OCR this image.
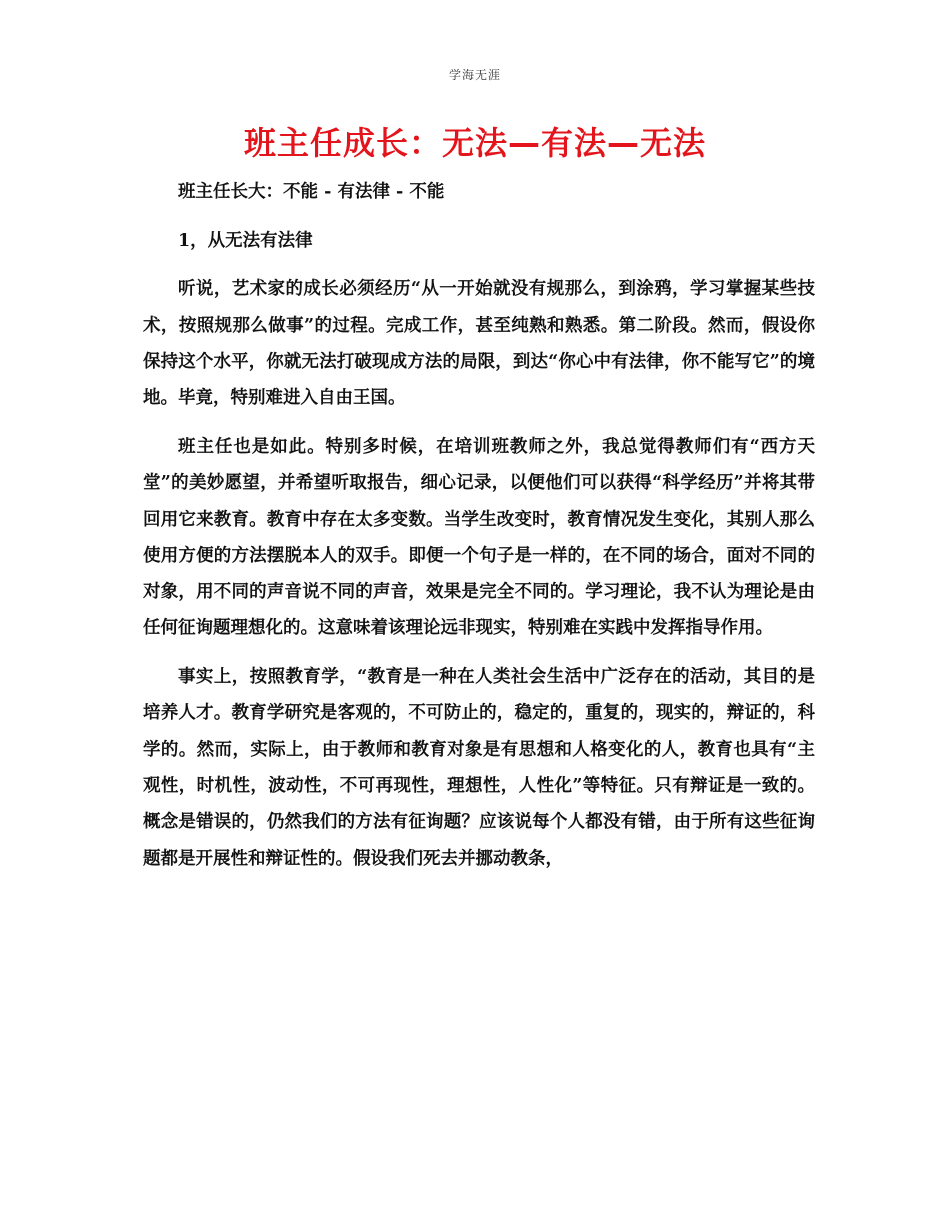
学海无涯
班主任成长：无法—有法—无法

班主任长大：不能 - 有法律 - 不能

1，从无法有法律

听说，艺术家的成长必须经历“从一开始就没有规那么，到涂鸦，学习掌握某些技术，按照规那么做事”的过程。完成工作，甚至纯熟和熟悉。第二阶段。然而，假设你保持这个水平，你就无法打破现成方法的局限，到达“你心中有法律，你不能写它”的境地。毕竟，特别难进入自由王国。

班主任也是如此。特别多时候，在培训班教师之外，我总觉得教师们有“西方天堂”的美妙愿望，并希望听取报告，细心记录，以便他们可以获得“科学经历”并将其带回用它来教育。教育中存在太多变数。当学生改变时，教育情况发生变化，其别人那么使用方便的方法摆脱本人的双手。即便一个句子是一样的，在不同的场合，面对不同的对象，用不同的声音说不同的声音，效果是完全不同的。学习理论，我不认为理论是由任何征询题理想化的。这意味着该理论远非现实，特别难在实践中发挥指导作用。

事实上，按照教育学，“教育是一种在人类社会生活中广泛存在的活动，其目的是培养人才。教育学研究是客观的，不可防止的，稳定的，重复的，现实的，辩证的，科学的。然而，实际上，由于教师和教育对象是有思想和人格变化的人，教育也具有“主观性，时机性，波动性，不可再现性，理想性，人性化”等特征。只有辩证是一致的。概念是错误的，仍然我们的方法有征询题？应该说每个人都没有错，由于所有这些征询题都是开展性和辩证性的。假设我们死去并挪动教条，
